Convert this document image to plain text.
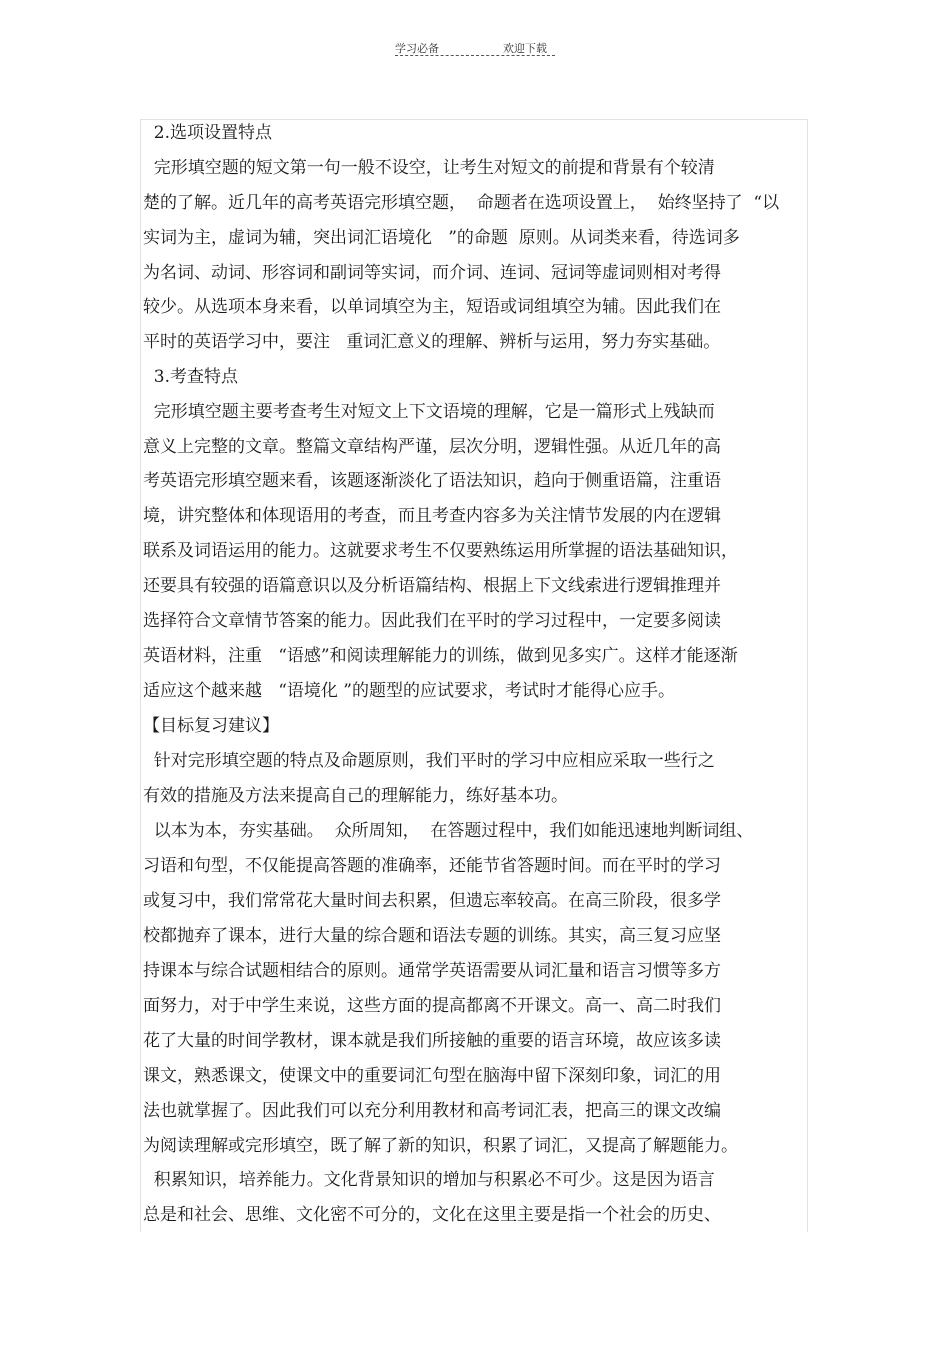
学习必备	欢迎下载
2.选项设置特点
完形填空题的短文第一句一般不设空，让考生对短文的前提和背景有个较清
楚的了解。近几年的高考英语完形填空题，  命题者在选项设置上，  始终坚持了  “以
实词为主，虚词为辅，突出词汇语境化   ”的命题  原则。从词类来看，待选词多
为名词、动词、形容词和副词等实词，而介词、连词、冠词等虚词则相对考得
较少。从选项本身来看，以单词填空为主，短语或词组填空为辅。因此我们在
平时的英语学习中，要注   重词汇意义的理解、辨析与运用，努力夯实基础。
3.考查特点
完形填空题主要考查考生对短文上下文语境的理解，它是一篇形式上残缺而
意义上完整的文章。整篇文章结构严谨，层次分明，逻辑性强。从近几年的高
考英语完形填空题来看，该题逐渐淡化了语法知识，趋向于侧重语篇，注重语
境，讲究整体和体现语用的考查，而且考查内容多为关注情节发展的内在逻辑
联系及词语运用的能力。这就要求考生不仅要熟练运用所掌握的语法基础知识，
还要具有较强的语篇意识以及分析语篇结构、根据上下文线索进行逻辑推理并
选择符合文章情节答案的能力。因此我们在平时的学习过程中，一定要多阅读
英语材料，注重   “语感”和阅读理解能力的训练，做到见多实广。这样才能逐渐
适应这个越来越   “语境化 ”的题型的应试要求，考试时才能得心应手。
【目标复习建议】
针对完形填空题的特点及命题原则，我们平时的学习中应相应采取一些行之
有效的措施及方法来提高自己的理解能力，练好基本功。
以本为本，夯实基础。  众所周知，  在答题过程中，我们如能迅速地判断词组、
习语和句型，不仅能提高答题的准确率，还能节省答题时间。而在平时的学习
或复习中，我们常常花大量时间去积累，但遗忘率较高。在高三阶段，很多学
校都抛弃了课本，进行大量的综合题和语法专题的训练。其实，高三复习应坚
持课本与综合试题相结合的原则。通常学英语需要从词汇量和语言习惯等多方
面努力，对于中学生来说，这些方面的提高都离不开课文。高一、高二时我们
花了大量的时间学教材，课本就是我们所接触的重要的语言环境，故应该多读
课文，熟悉课文，使课文中的重要词汇句型在脑海中留下深刻印象，词汇的用
法也就掌握了。因此我们可以充分利用教材和高考词汇表，把高三的课文改编
为阅读理解或完形填空，既了解了新的知识，积累了词汇，又提高了解题能力。
积累知识，培养能力。文化背景知识的增加与积累必不可少。这是因为语言
总是和社会、思维、文化密不可分的，文化在这里主要是指一个社会的历史、
